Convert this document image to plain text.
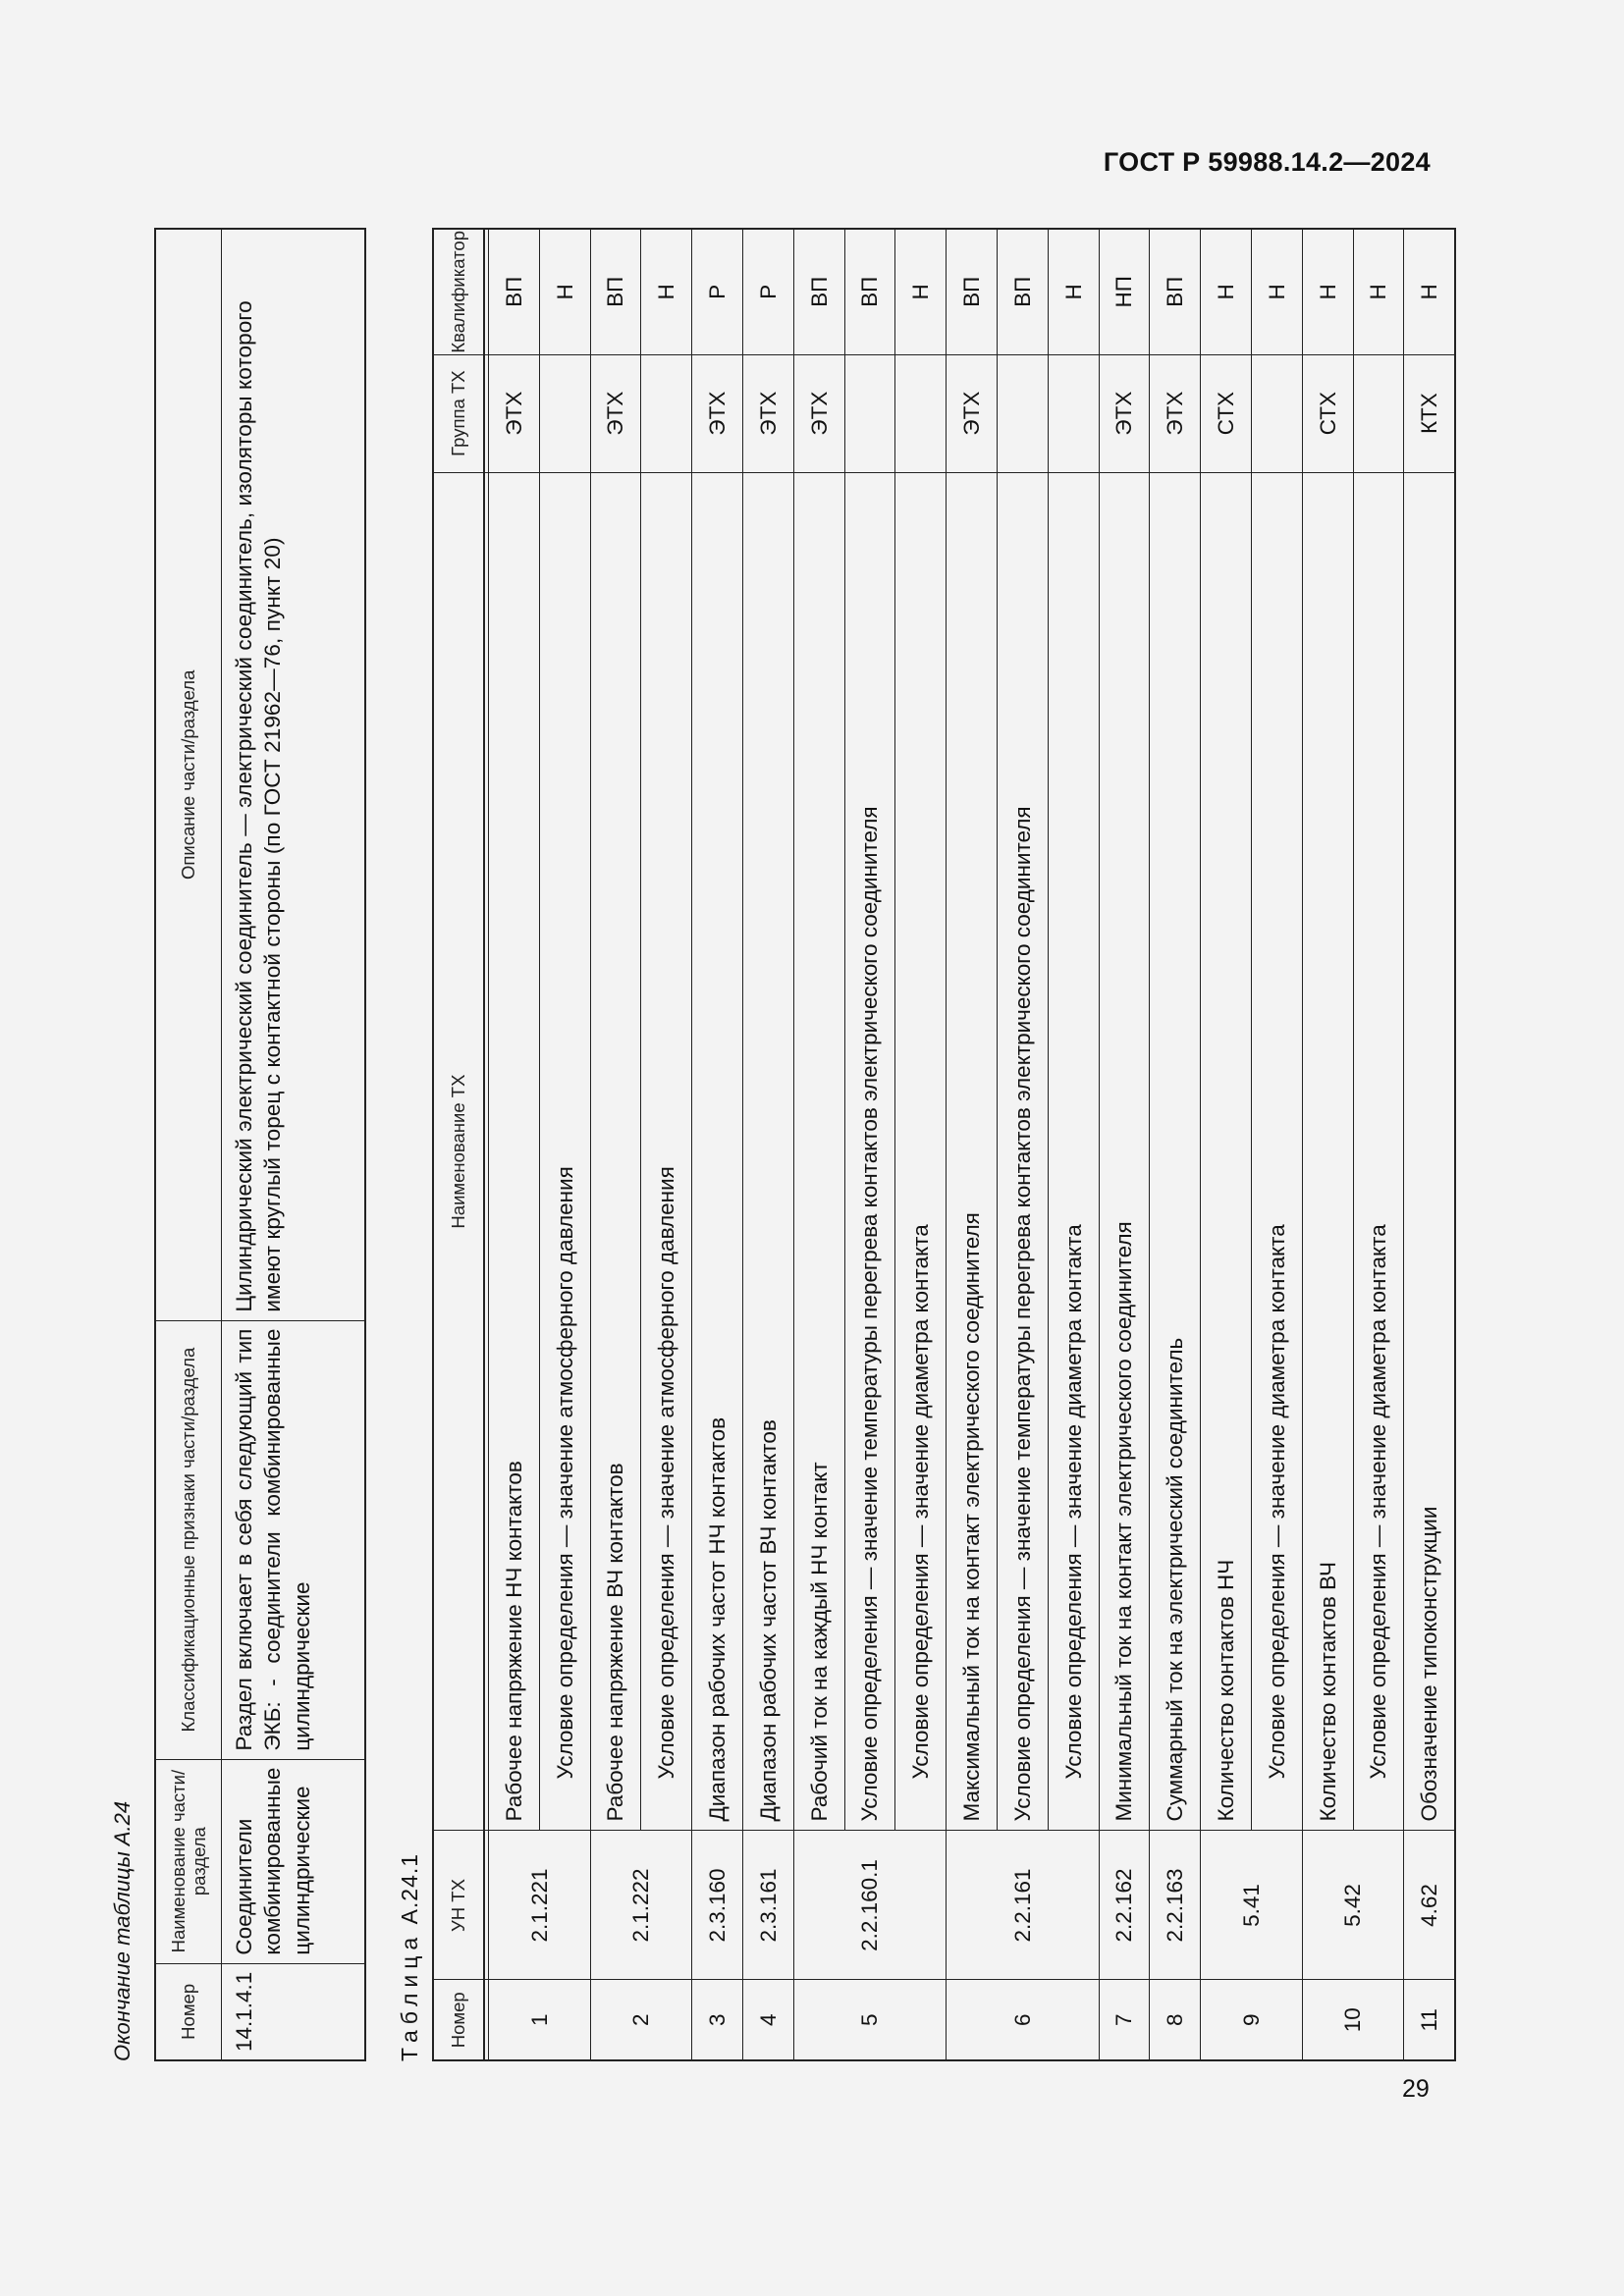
ГОСТ Р 59988.14.2—2024
Окончание таблицы А.24 Номер	Наименование части/раздела	Классификационные признаки части/раздела	Описание части/раздела
14.1.4.1	Соединители комбинированные цилиндрические	Раздел включает в себя следующий тип ЭКБ: - соединители комбинированные цилиндрические	Цилиндрический электрический соединитель — электрический соединитель, изоляторы которого имеют круглый торец с контактной стороны (по ГОСТ 21962—76, пункт 20)
Таблица А.24.1
Номер	УН ТХ	Наименование ТХ	Группа ТХ	Квалификатор

1	2.1.221	Рабочее напряжение НЧ контактов	ЭТХ	ВП
		Условие определения — значение атмосферного давления		Н
2	2.1.222	Рабочее напряжение ВЧ контактов	ЭТХ	ВП
		Условие определения — значение атмосферного давления		Н
3	2.3.160	Диапазон рабочих частот НЧ контактов	ЭТХ	Р
4	2.3.161	Диапазон рабочих частот ВЧ контактов	ЭТХ	Р
5	2.2.160.1	Рабочий ток на каждый НЧ контакт	ЭТХ	ВП
		Условие определения — значение температуры перегрева контактов электрического соединителя		ВП
		Условие определения — значение диаметра контакта		Н
6	2.2.161	Максимальный ток на контакт электрического соединителя	ЭТХ	ВП
		Условие определения — значение температуры перегрева контактов электрического соединителя		ВП
		Условие определения — значение диаметра контакта		Н
7	2.2.162	Минимальный ток на контакт электрического соединителя	ЭТХ	НП
8	2.2.163	Суммарный ток на электрический соединитель	ЭТХ	ВП
9	5.41	Количество контактов НЧ	СТХ	Н
		Условие определения — значение диаметра контакта		Н
10	5.42	Количество контактов ВЧ	СТХ	Н
		Условие определения — значение диаметра контакта		Н
11	4.62	Обозначение типоконструкции	КТХ	Н
29
